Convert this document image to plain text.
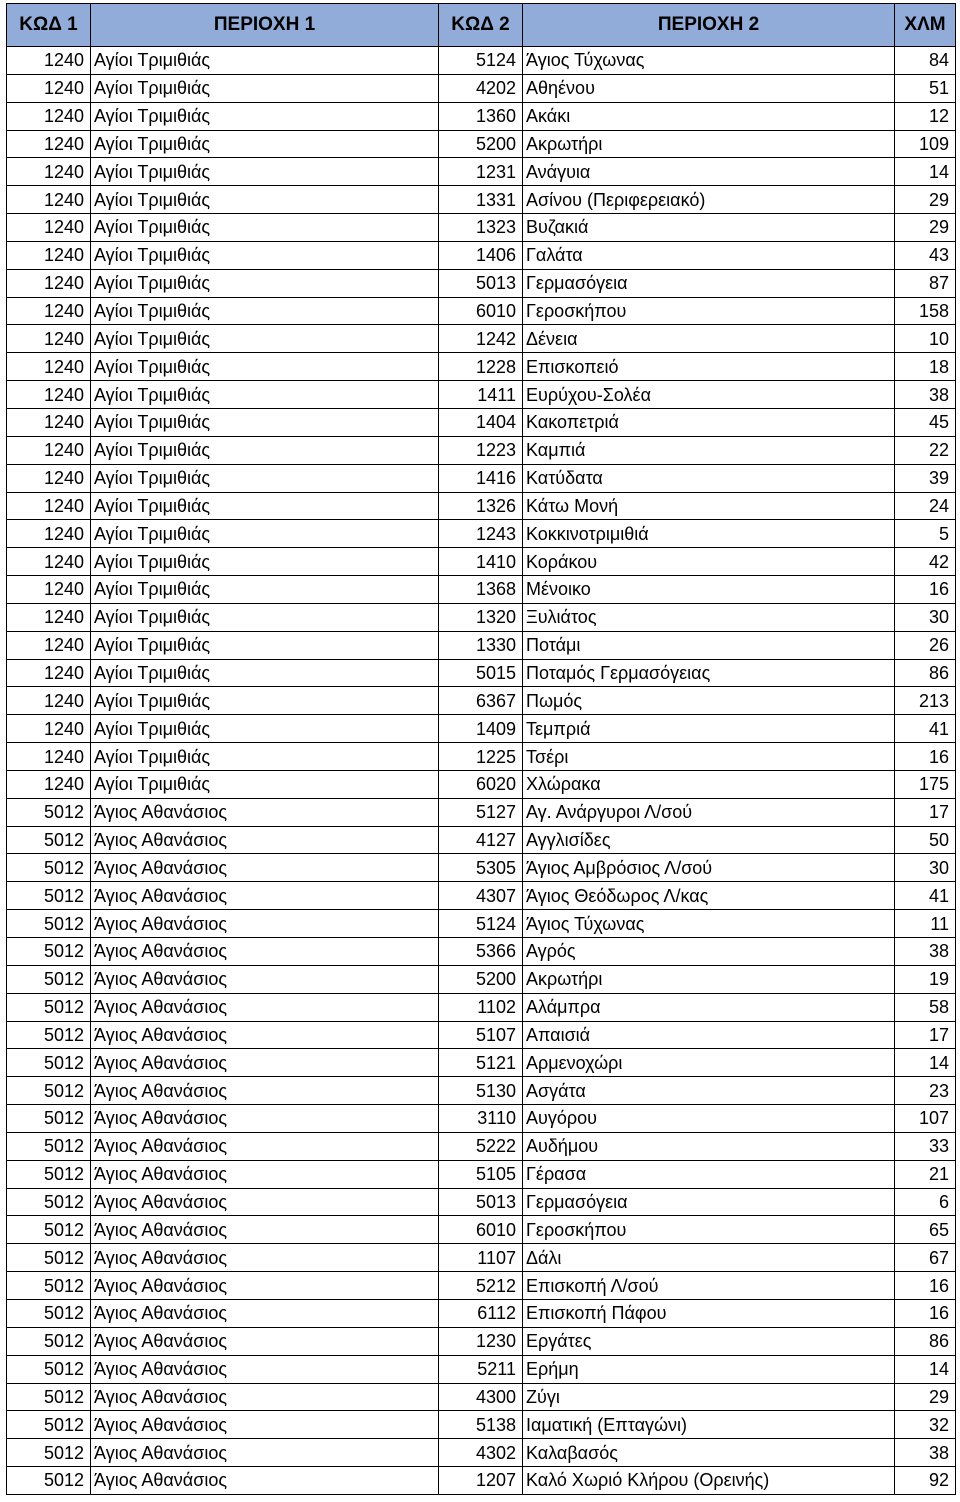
ΚΩΔ 1	ΠΕΡΙΟΧΗ 1	ΚΩΔ 2	ΠΕΡΙΟΧΗ 2	ΧΛΜ
1240	Αγίοι Τριμιθιάς	5124	Άγιος Τύχωνας	84
1240	Αγίοι Τριμιθιάς	4202	Αθηένου	51
1240	Αγίοι Τριμιθιάς	1360	Ακάκι	12
1240	Αγίοι Τριμιθιάς	5200	Ακρωτήρι	109
1240	Αγίοι Τριμιθιάς	1231	Ανάγυια	14
1240	Αγίοι Τριμιθιάς	1331	Ασίνου (Περιφερειακό)	29
1240	Αγίοι Τριμιθιάς	1323	Βυζακιά	29
1240	Αγίοι Τριμιθιάς	1406	Γαλάτα	43
1240	Αγίοι Τριμιθιάς	5013	Γερμασόγεια	87
1240	Αγίοι Τριμιθιάς	6010	Γεροσκήπου	158
1240	Αγίοι Τριμιθιάς	1242	Δένεια	10
1240	Αγίοι Τριμιθιάς	1228	Επισκοπειό	18
1240	Αγίοι Τριμιθιάς	1411	Ευρύχου-Σολέα	38
1240	Αγίοι Τριμιθιάς	1404	Κακοπετριά	45
1240	Αγίοι Τριμιθιάς	1223	Καμπιά	22
1240	Αγίοι Τριμιθιάς	1416	Κατύδατα	39
1240	Αγίοι Τριμιθιάς	1326	Κάτω Μονή	24
1240	Αγίοι Τριμιθιάς	1243	Κοκκινοτριμιθιά	5
1240	Αγίοι Τριμιθιάς	1410	Κοράκου	42
1240	Αγίοι Τριμιθιάς	1368	Μένοικο	16
1240	Αγίοι Τριμιθιάς	1320	Ξυλιάτος	30
1240	Αγίοι Τριμιθιάς	1330	Ποτάμι	26
1240	Αγίοι Τριμιθιάς	5015	Ποταμός Γερμασόγειας	86
1240	Αγίοι Τριμιθιάς	6367	Πωμός	213
1240	Αγίοι Τριμιθιάς	1409	Τεμπριά	41
1240	Αγίοι Τριμιθιάς	1225	Τσέρι	16
1240	Αγίοι Τριμιθιάς	6020	Χλώρακα	175
5012	Άγιος Αθανάσιος	5127	Αγ. Ανάργυροι Λ/σού	17
5012	Άγιος Αθανάσιος	4127	Αγγλισίδες	50
5012	Άγιος Αθανάσιος	5305	Άγιος Αμβρόσιος Λ/σού	30
5012	Άγιος Αθανάσιος	4307	Άγιος Θεόδωρος Λ/κας	41
5012	Άγιος Αθανάσιος	5124	Άγιος Τύχωνας	11
5012	Άγιος Αθανάσιος	5366	Αγρός	38
5012	Άγιος Αθανάσιος	5200	Ακρωτήρι	19
5012	Άγιος Αθανάσιος	1102	Αλάμπρα	58
5012	Άγιος Αθανάσιος	5107	Απαισιά	17
5012	Άγιος Αθανάσιος	5121	Αρμενοχώρι	14
5012	Άγιος Αθανάσιος	5130	Ασγάτα	23
5012	Άγιος Αθανάσιος	3110	Αυγόρου	107
5012	Άγιος Αθανάσιος	5222	Αυδήμου	33
5012	Άγιος Αθανάσιος	5105	Γέρασα	21
5012	Άγιος Αθανάσιος	5013	Γερμασόγεια	6
5012	Άγιος Αθανάσιος	6010	Γεροσκήπου	65
5012	Άγιος Αθανάσιος	1107	Δάλι	67
5012	Άγιος Αθανάσιος	5212	Επισκοπή Λ/σού	16
5012	Άγιος Αθανάσιος	6112	Επισκοπή Πάφου	16
5012	Άγιος Αθανάσιος	1230	Εργάτες	86
5012	Άγιος Αθανάσιος	5211	Ερήμη	14
5012	Άγιος Αθανάσιος	4300	Ζύγι	29
5012	Άγιος Αθανάσιος	5138	Ιαματική (Επταγώνι)	32
5012	Άγιος Αθανάσιος	4302	Καλαβασός	38
5012	Άγιος Αθανάσιος	1207	Καλό Χωριό Κλήρου (Ορεινής)	92
